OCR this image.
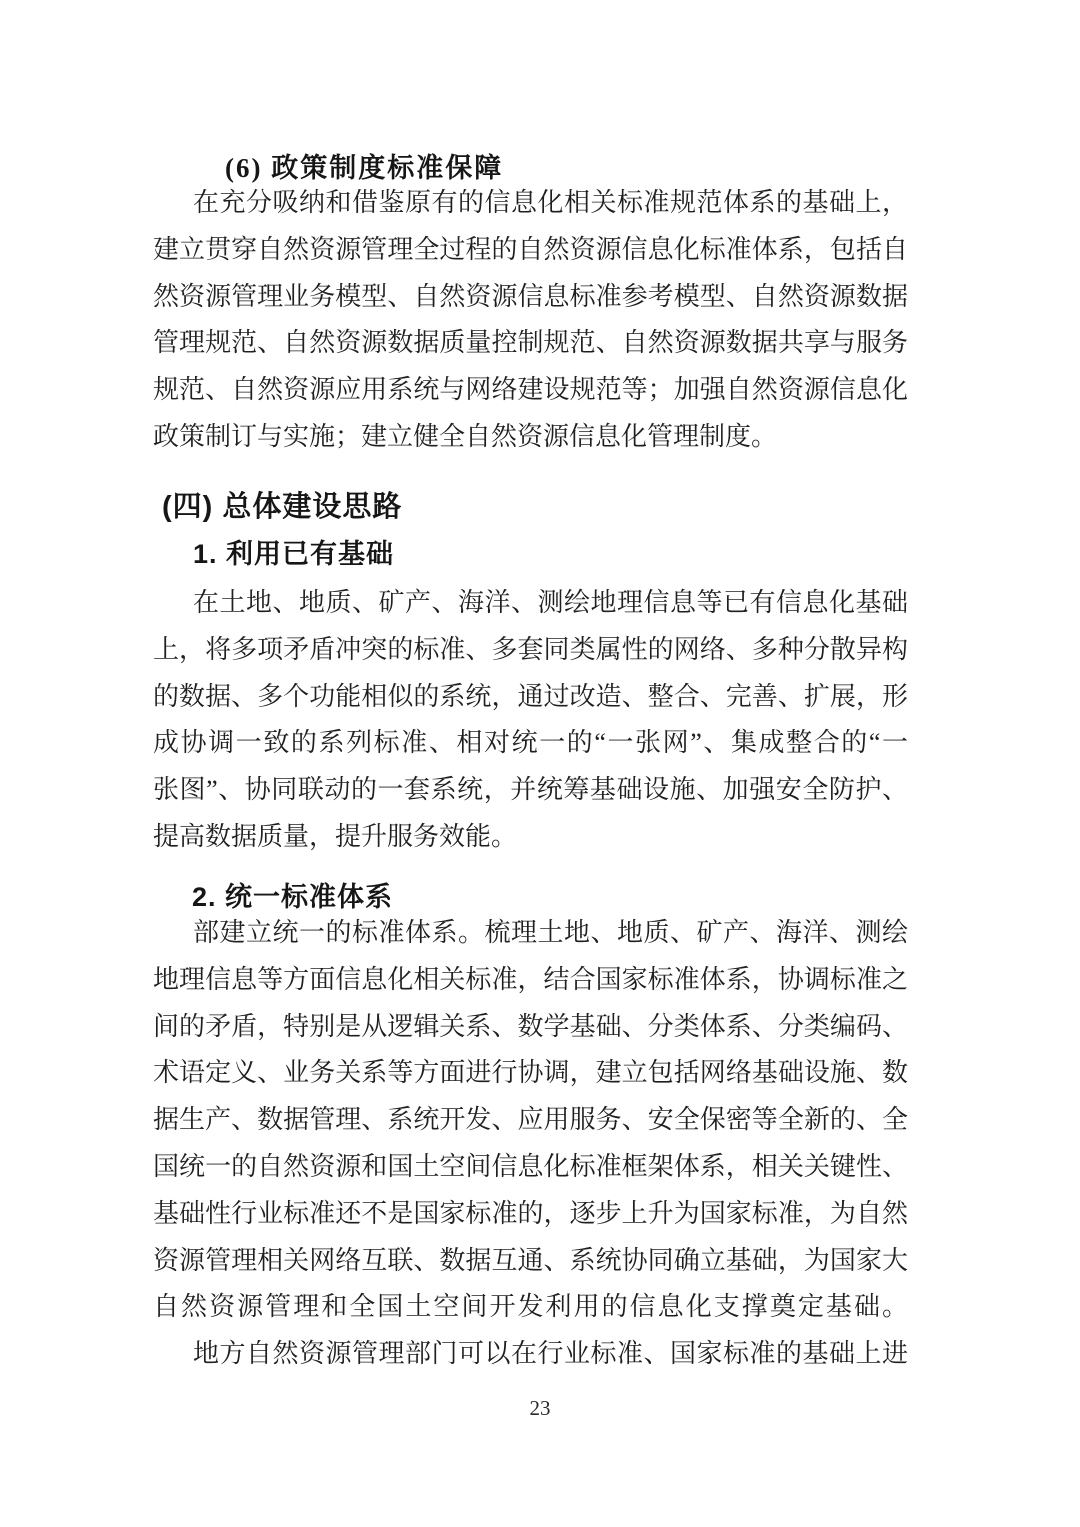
(6) 政策制度标准保障
在充分吸纳和借鉴原有的信息化相关标准规范体系的基础上，
建立贯穿自然资源管理全过程的自然资源信息化标准体系，包括自
然资源管理业务模型、自然资源信息标准参考模型、自然资源数据
管理规范、自然资源数据质量控制规范、自然资源数据共享与服务
规范、自然资源应用系统与网络建设规范等；加强自然资源信息化
政策制订与实施；建立健全自然资源信息化管理制度。
(四) 总体建设思路
1. 利用已有基础
在土地、地质、矿产、海洋、测绘地理信息等已有信息化基础
上，将多项矛盾冲突的标准、多套同类属性的网络、多种分散异构
的数据、多个功能相似的系统，通过改造、整合、完善、扩展，形
成协调一致的系列标准、相对统一的“一张网”、集成整合的“一
张图”、协同联动的一套系统，并统筹基础设施、加强安全防护、
提高数据质量，提升服务效能。
2. 统一标准体系
部建立统一的标准体系。梳理土地、地质、矿产、海洋、测绘
地理信息等方面信息化相关标准，结合国家标准体系，协调标准之
间的矛盾，特别是从逻辑关系、数学基础、分类体系、分类编码、
术语定义、业务关系等方面进行协调，建立包括网络基础设施、数
据生产、数据管理、系统开发、应用服务、安全保密等全新的、全
国统一的自然资源和国土空间信息化标准框架体系，相关关键性、
基础性行业标准还不是国家标准的，逐步上升为国家标准，为自然
资源管理相关网络互联、数据互通、系统协同确立基础，为国家大
自然资源管理和全国土空间开发利用的信息化支撑奠定基础。
地方自然资源管理部门可以在行业标准、国家标准的基础上进
23
